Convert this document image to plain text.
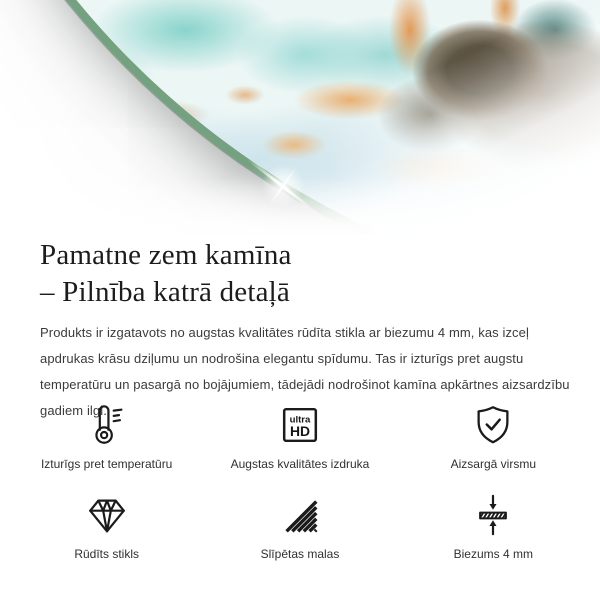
Pamatne zem kamīna
– Pilnība katrā detaļā

Produkts ir izgatavots no augstas kvalitātes rūdīta stikla ar biezumu 4 mm, kas izceļ apdrukas krāsu dziļumu un nodrošina elegantu spīdumu. Tas ir izturīgs pret augstu temperatūru un pasargā no bojājumiem, tādejādi nodrošinot kamīna apkārtnes aizsardzību gadiem ilgi.

Izturīgs pret temperatūru
ultra
HD
Augstas kvalitātes izdruka	Aizsargā virsmu
Rūdīts stikls	Slīpētas malas	Biezums 4 mm
